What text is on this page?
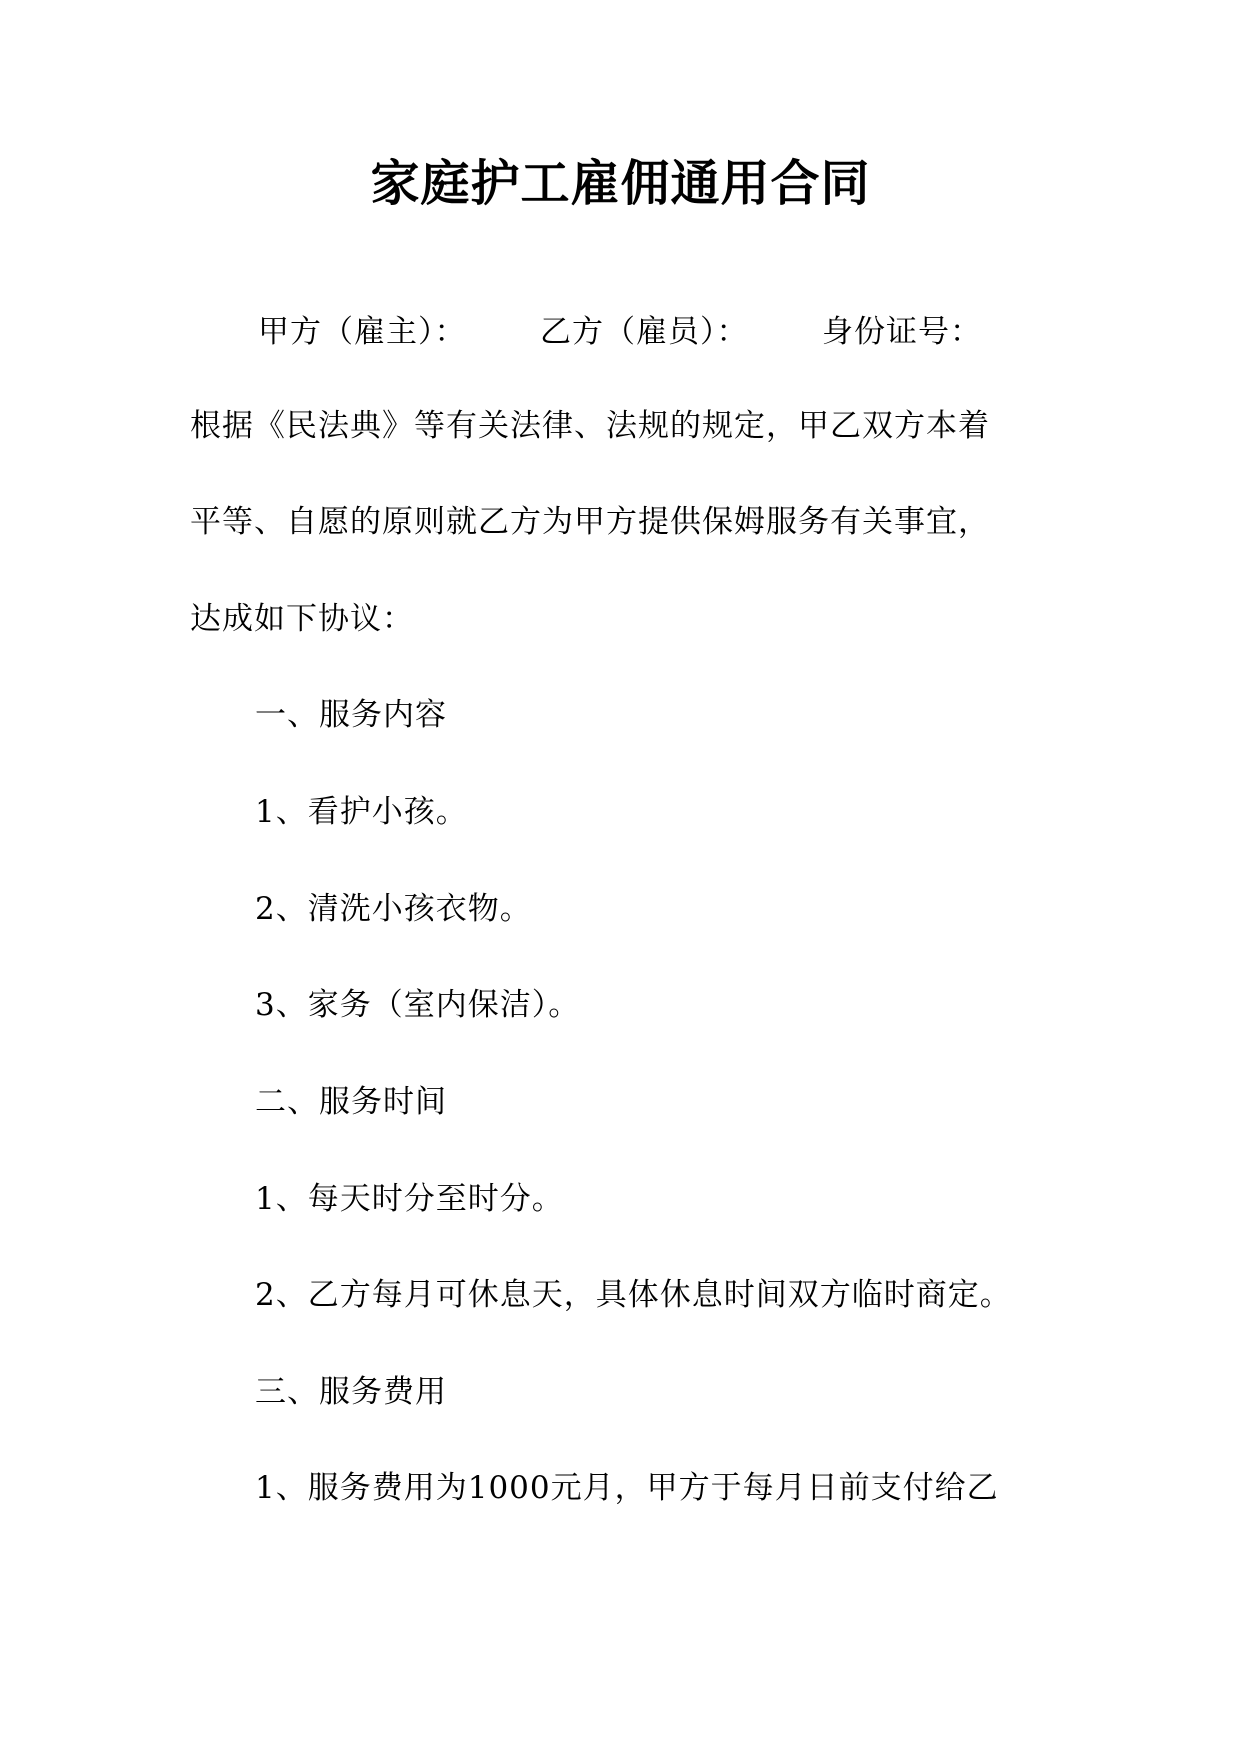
家庭护工雇佣通用合同
甲方（雇主）： 乙方（雇员）： 身份证号：
根据《民法典》等有关法律、法规的规定，甲乙双方本着
平等、自愿的原则就乙方为甲方提供保姆服务有关事宜，
达成如下协议：
一、服务内容
1、看护小孩。
2、清洗小孩衣物。
3、家务（室内保洁）。
二、服务时间
1、每天时分至时分。
2、乙方每月可休息天，具体休息时间双方临时商定。
三、服务费用
1、服务费用为1000元月，甲方于每月日前支付给乙
